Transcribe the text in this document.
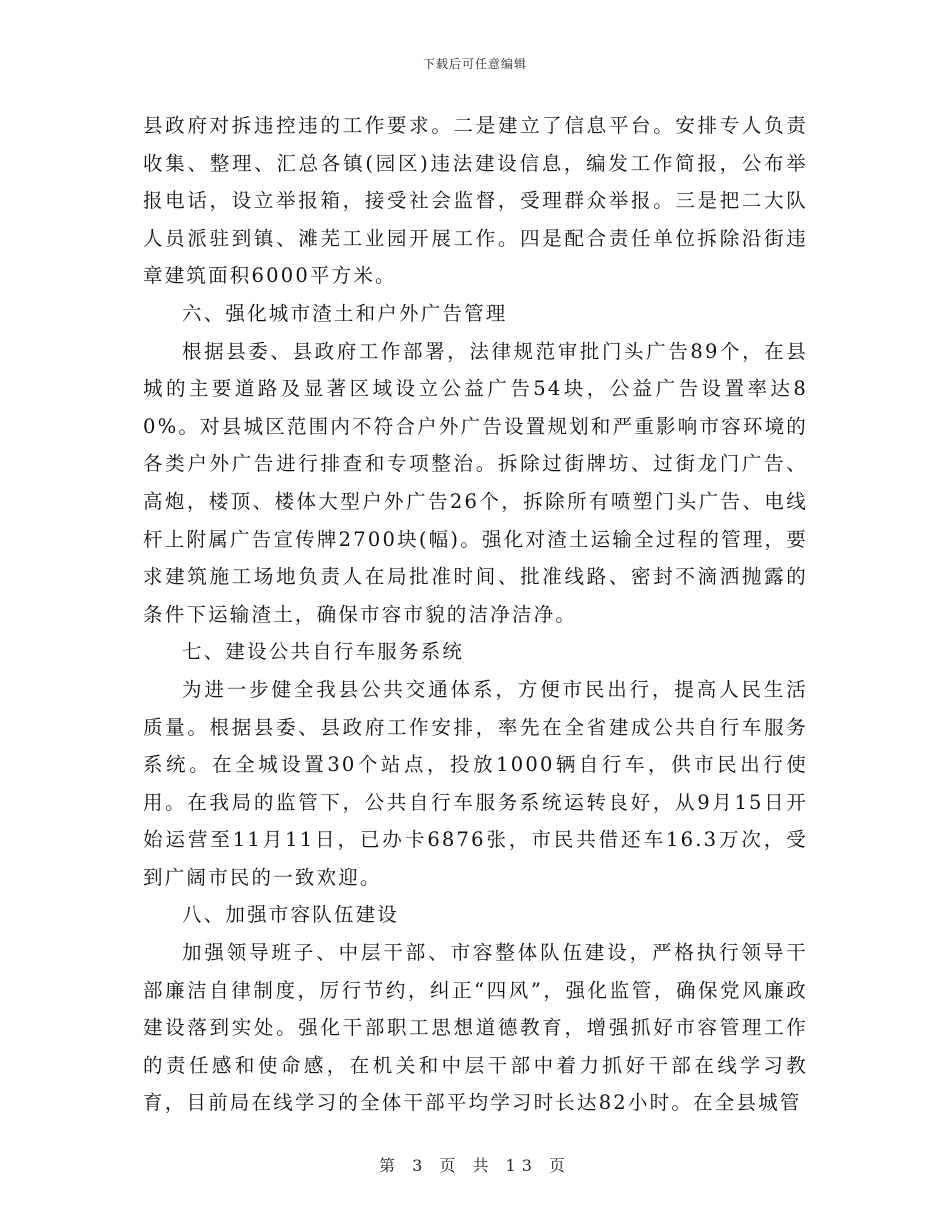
下载后可任意编辑

县政府对拆违控违的工作要求。二是建立了信息平台。安排专人负责收集、整理、汇总各镇(园区)违法建设信息，编发工作简报，公布举报电话，设立举报箱，接受社会监督，受理群众举报。三是把二大队人员派驻到镇、滩芜工业园开展工作。四是配合责任单位拆除沿街违章建筑面积6000平方米。

六、强化城市渣土和户外广告管理

根据县委、县政府工作部署，法律规范审批门头广告89个，在县城的主要道路及显著区域设立公益广告54块，公益广告设置率达80%。对县城区范围内不符合户外广告设置规划和严重影响市容环境的各类户外广告进行排查和专项整治。拆除过街牌坊、过街龙门广告、高炮，楼顶、楼体大型户外广告26个，拆除所有喷塑门头广告、电线杆上附属广告宣传牌2700块(幅)。强化对渣土运输全过程的管理，要求建筑施工场地负责人在局批准时间、批准线路、密封不滴洒抛露的条件下运输渣土，确保市容市貌的洁净洁净。

七、建设公共自行车服务系统

为进一步健全我县公共交通体系，方便市民出行，提高人民生活质量。根据县委、县政府工作安排，率先在全省建成公共自行车服务系统。在全城设置30个站点，投放1000辆自行车，供市民出行使用。在我局的监管下，公共自行车服务系统运转良好，从9月15日开始运营至11月11日，已办卡6876张，市民共借还车16.3万次，受到广阔市民的一致欢迎。

八、加强市容队伍建设

加强领导班子、中层干部、市容整体队伍建设，严格执行领导干部廉洁自律制度，厉行节约，纠正“四风”，强化监管，确保党风廉政建设落到实处。强化干部职工思想道德教育，增强抓好市容管理工作的责任感和使命感，在机关和中层干部中着力抓好干部在线学习教育，目前局在线学习的全体干部平均学习时长达82小时。在全县城管

第 3 页 共 13 页
